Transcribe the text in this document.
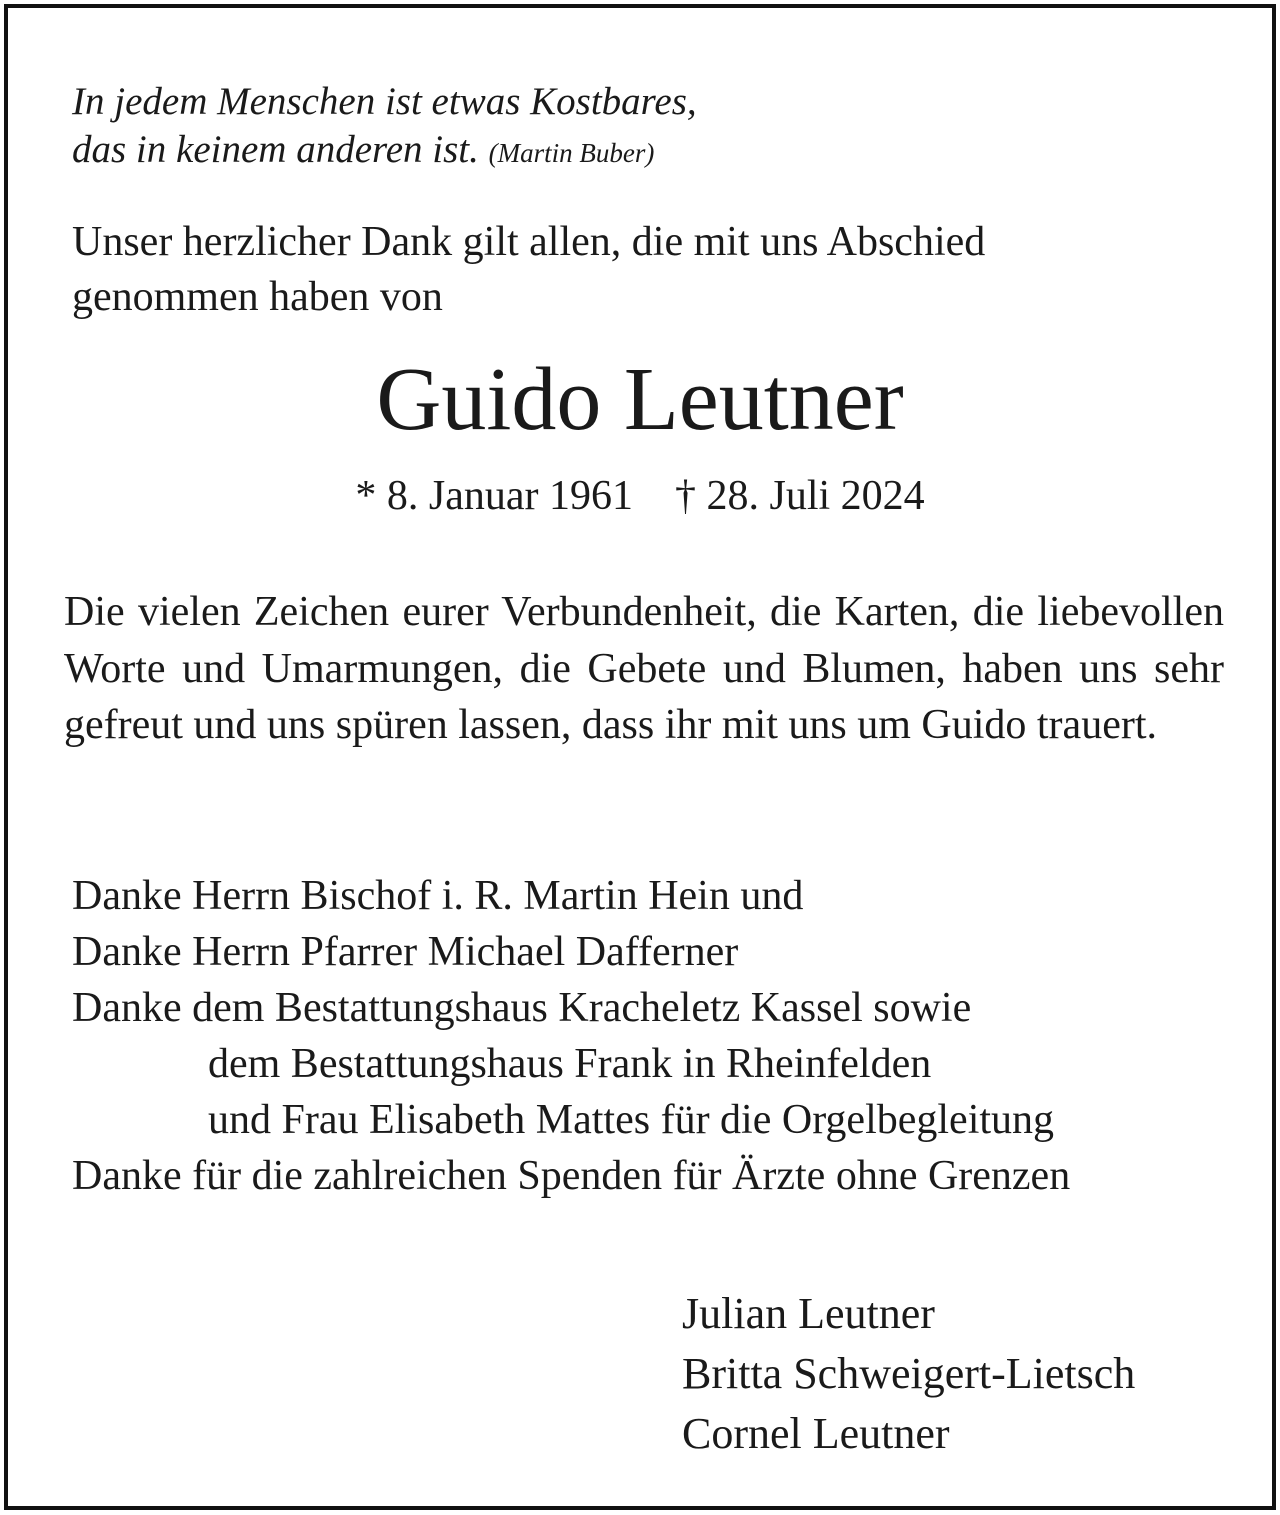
In jedem Menschen ist etwas Kostbares,
das in keinem anderen ist. (Martin Buber)
Unser herzlicher Dank gilt allen, die mit uns Abschied
genommen haben von
Guido Leutner
* 8. Januar 1961 † 28. Juli 2024
Die vielen Zeichen eurer Verbundenheit, die Karten, die liebevollen Worte und Umarmungen, die Gebete und Blumen, haben uns sehr gefreut und uns spüren lassen, dass ihr mit uns um Guido trauert.
Danke Herrn Bischof i. R. Martin Hein und
Danke Herrn Pfarrer Michael Dafferner
Danke dem Bestattungshaus Kracheletz Kassel sowie
dem Bestattungshaus Frank in Rheinfelden
und Frau Elisabeth Mattes für die Orgelbegleitung
Danke für die zahlreichen Spenden für Ärzte ohne Grenzen
Julian Leutner
Britta Schweigert-Lietsch
Cornel Leutner
